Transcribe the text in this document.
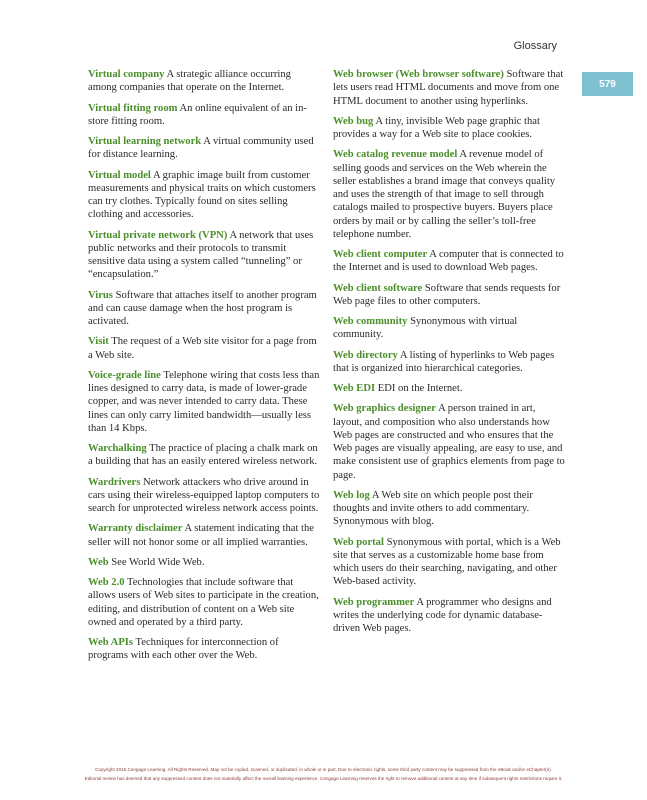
Glossary
579

Virtual company A strategic alliance occurring among companies that operate on the Internet.

Virtual fitting room An online equivalent of an in-store fitting room.

Virtual learning network A virtual community used for distance learning.

Virtual model A graphic image built from customer measurements and physical traits on which customers can try clothes. Typically found on sites selling clothing and accessories.

Virtual private network (VPN) A network that uses public networks and their protocols to transmit sensitive data using a system called “tunneling” or “encapsulation.”

Virus Software that attaches itself to another program and can cause damage when the host program is activated.

Visit The request of a Web site visitor for a page from a Web site.

Voice-grade line Telephone wiring that costs less than lines designed to carry data, is made of lower-grade copper, and was never intended to carry data. These lines can only carry limited bandwidth—usually less than 14 Kbps.

Warchalking The practice of placing a chalk mark on a building that has an easily entered wireless network.

Wardrivers Network attackers who drive around in cars using their wireless-equipped laptop computers to search for unprotected wireless network access points.

Warranty disclaimer A statement indicating that the seller will not honor some or all implied warranties.

Web See World Wide Web.

Web 2.0 Technologies that include software that allows users of Web sites to participate in the creation, editing, and distribution of content on a Web site owned and operated by a third party.

Web APIs Techniques for interconnection of programs with each other over the Web.

Web browser (Web browser software) Software that lets users read HTML documents and move from one HTML document to another using hyperlinks.

Web bug A tiny, invisible Web page graphic that provides a way for a Web site to place cookies.

Web catalog revenue model A revenue model of selling goods and services on the Web wherein the seller establishes a brand image that conveys quality and uses the strength of that image to sell through catalogs mailed to prospective buyers. Buyers place orders by mail or by calling the seller’s toll-free telephone number.

Web client computer A computer that is connected to the Internet and is used to download Web pages.

Web client software Software that sends requests for Web page files to other computers.

Web community Synonymous with virtual community.

Web directory A listing of hyperlinks to Web pages that is organized into hierarchical categories.

Web EDI EDI on the Internet.

Web graphics designer A person trained in art, layout, and composition who also understands how Web pages are constructed and who ensures that the Web pages are visually appealing, are easy to use, and make consistent use of graphics elements from page to page.

Web log A Web site on which people post their thoughts and invite others to add commentary. Synonymous with blog.

Web portal Synonymous with portal, which is a Web site that serves as a customizable home base from which users do their searching, navigating, and other Web-based activity.

Web programmer A programmer who designs and writes the underlying code for dynamic database-driven Web pages.

Copyright 2015 Cengage Learning. All Rights Reserved. May not be copied, scanned, or duplicated, in whole or in part. Due to electronic rights, some third party content may be suppressed from the eBook and/or eChapter(s).
Editorial review has deemed that any suppressed content does not materially affect the overall learning experience. Cengage Learning reserves the right to remove additional content at any time if subsequent rights restrictions require it.
